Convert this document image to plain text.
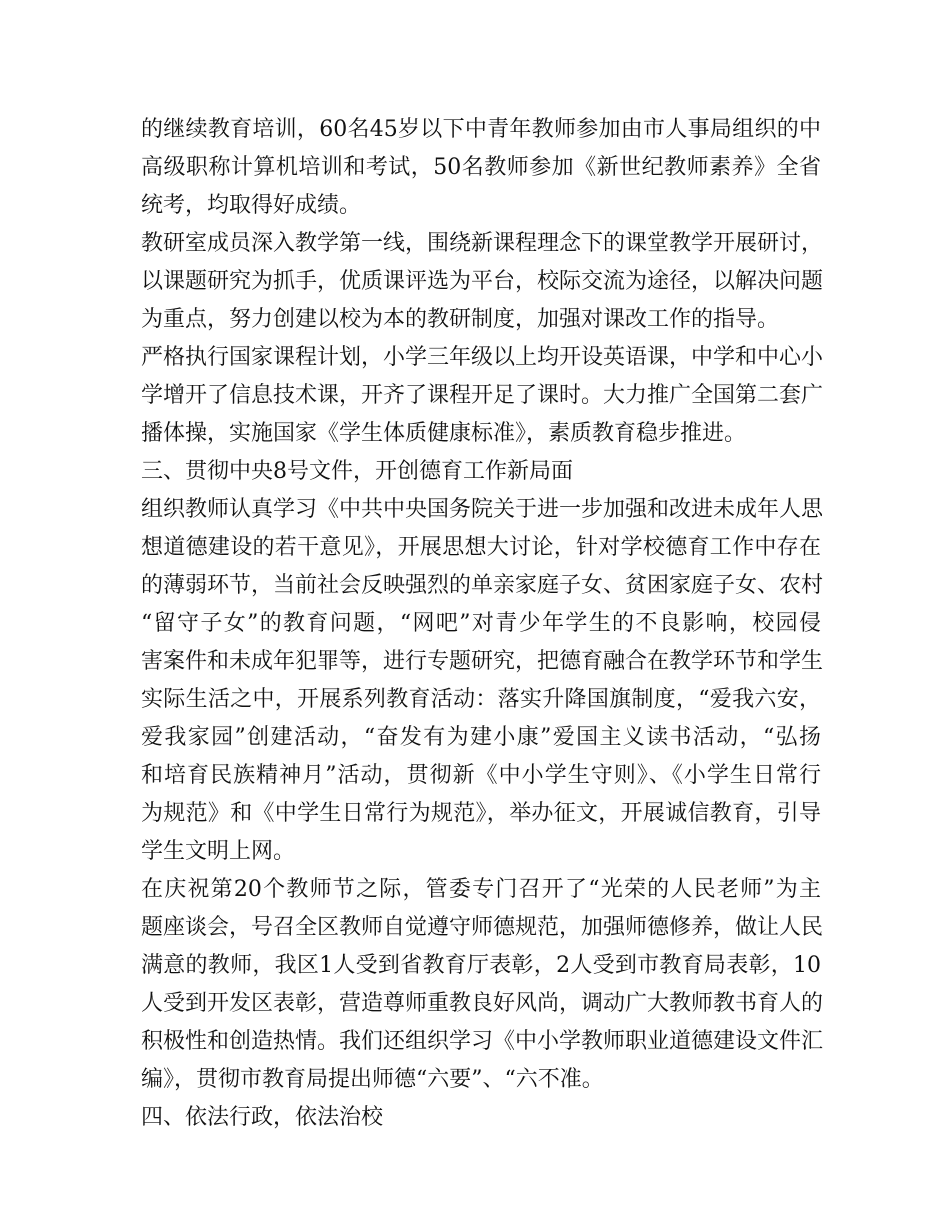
的继续教育培训，60名45岁以下中青年教师参加由市人事局组织的中
高级职称计算机培训和考试，50名教师参加《新世纪教师素养》全省
统考，均取得好成绩。
教研室成员深入教学第一线，围绕新课程理念下的课堂教学开展研讨，
以课题研究为抓手，优质课评选为平台，校际交流为途径，以解决问题
为重点，努力创建以校为本的教研制度，加强对课改工作的指导。
严格执行国家课程计划，小学三年级以上均开设英语课，中学和中心小
学增开了信息技术课，开齐了课程开足了课时。大力推广全国第二套广
播体操，实施国家《学生体质健康标准》，素质教育稳步推进。
三、贯彻中央8号文件，开创德育工作新局面
组织教师认真学习《中共中央国务院关于进一步加强和改进未成年人思
想道德建设的若干意见》，开展思想大讨论，针对学校德育工作中存在
的薄弱环节，当前社会反映强烈的单亲家庭子女、贫困家庭子女、农村
“留守子女”的教育问题，“网吧”对青少年学生的不良影响，校园侵
害案件和未成年犯罪等，进行专题研究，把德育融合在教学环节和学生
实际生活之中，开展系列教育活动：落实升降国旗制度，“爱我六安，
爱我家园”创建活动，“奋发有为建小康”爱国主义读书活动，“弘扬
和培育民族精神月”活动，贯彻新《中小学生守则》、《小学生日常行
为规范》和《中学生日常行为规范》，举办征文，开展诚信教育，引导
学生文明上网。
在庆祝第20个教师节之际，管委专门召开了“光荣的人民老师”为主
题座谈会，号召全区教师自觉遵守师德规范，加强师德修养，做让人民
满意的教师，我区1人受到省教育厅表彰，2人受到市教育局表彰，10
人受到开发区表彰，营造尊师重教良好风尚，调动广大教师教书育人的
积极性和创造热情。我们还组织学习《中小学教师职业道德建设文件汇
编》，贯彻市教育局提出师德“六要”、“六不准。
四、依法行政，依法治校
